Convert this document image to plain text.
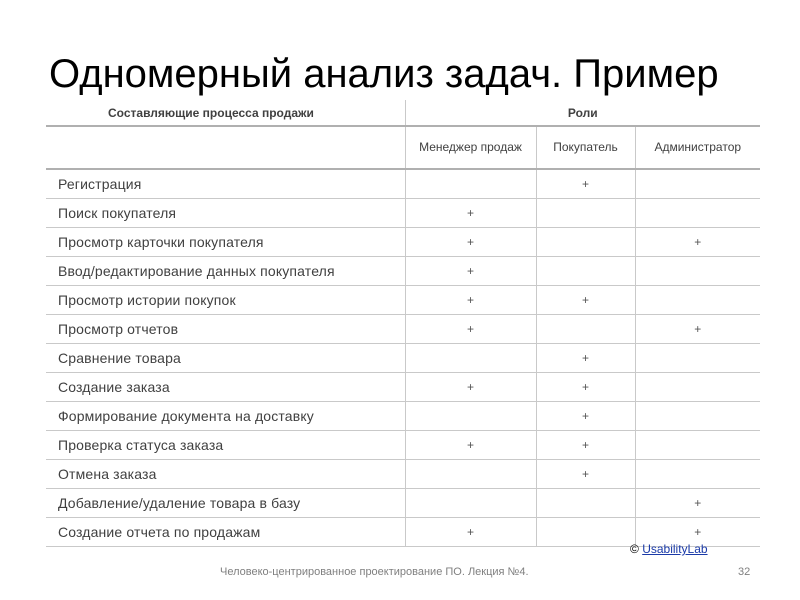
Одномерный анализ задач. Пример
Составляющие процесса продажи	Роли		
	Менеджер продаж	Покупатель	Администратор
Регистрация		+	
Поиск покупателя	+		
Просмотр карточки покупателя	+		+
Ввод/редактирование данных покупателя	+		
Просмотр истории покупок	+	+	
Просмотр отчетов	+		+
Сравнение товара		+	
Создание заказа	+	+	
Формирование документа на доставку		+	
Проверка статуса заказа	+	+	
Отмена заказа		+	
Добавление/удаление товара в базу			+
Создание отчета по продажам	+		+
© UsabilityLab
Человеко-центрированное проектирование ПО. Лекция №4.	32
